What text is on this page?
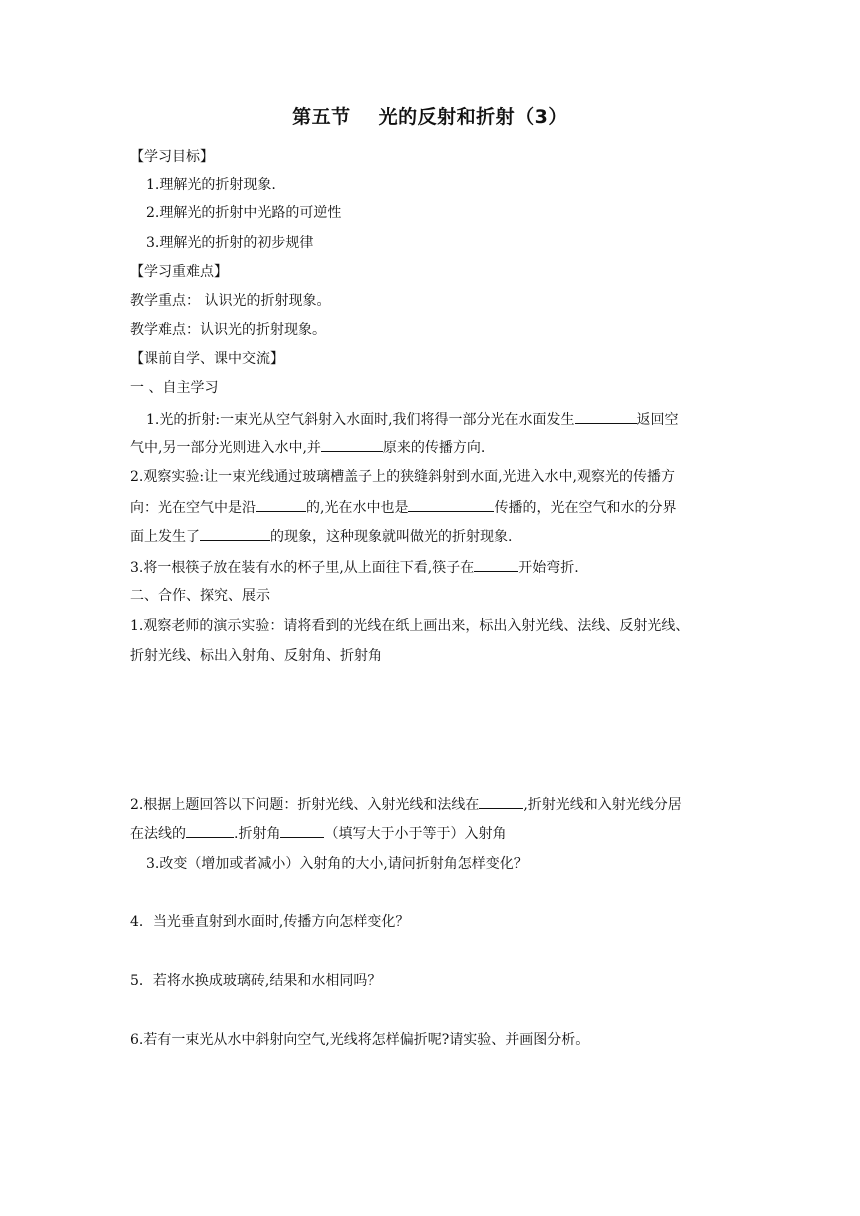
第五节 光的反射和折射（3）
【学习目标】
1.理解光的折射现象.
2.理解光的折射中光路的可逆性
3.理解光的折射的初步规律
【学习重难点】
教学重点： 认识光的折射现象。
教学难点：认识光的折射现象。
【课前自学、课中交流】
一 、自主学习
1.光的折射:一束光从空气斜射入水面时,我们将得一部分光在水面发生	返回空
气中,另一部分光则进入水中,并	原来的传播方向.
2.观察实验:让一束光线通过玻璃槽盖子上的狭缝斜射到水面,光进入水中,观察光的传播方
向：光在空气中是沿	的,光在水中也是	传播的，光在空气和水的分界
面上发生了	的现象，这种现象就叫做光的折射现象.
3.将一根筷子放在装有水的杯子里,从上面往下看,筷子在	开始弯折.
二、合作、探究、展示
1.观察老师的演示实验：请将看到的光线在纸上画出来，标出入射光线、法线、反射光线、
折射光线、标出入射角、反射角、折射角
2.根据上题回答以下问题：折射光线、入射光线和法线在	,折射光线和入射光线分居
在法线的	.折射角	（填写大于小于等于）入射角
3.改变（增加或者减小）入射角的大小,请问折射角怎样变化？
4．当光垂直射到水面时,传播方向怎样变化？
5．若将水换成玻璃砖,结果和水相同吗？
6.若有一束光从水中斜射向空气,光线将怎样偏折呢?请实验、并画图分析。
